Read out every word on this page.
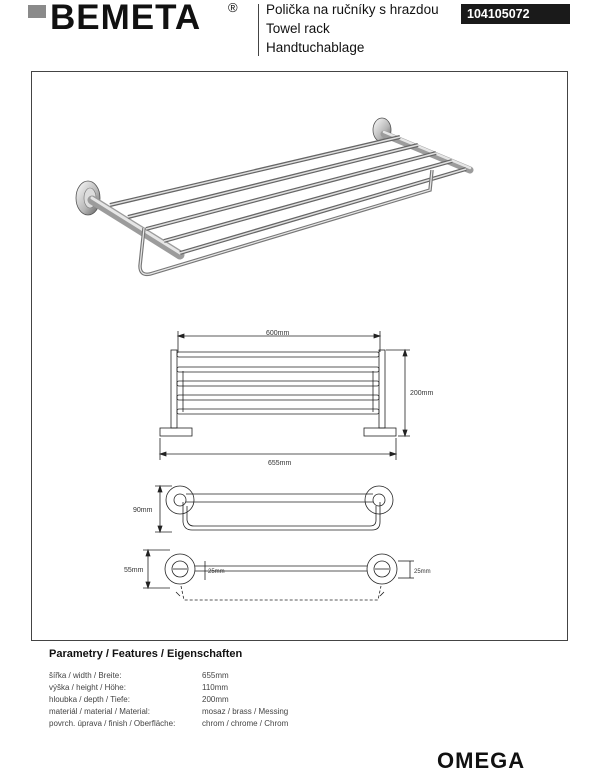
BEMETA ® Polička na ručníky s hrazdou
Towel rack
Handtuchablage
104105072
600mm
200mm
655mm
90mm
55mm	25mm	25mm
Parametry / Features / Eigenschaften
šířka / width / Breite:	655mm
výška / height / Höhe:	110mm
hloubka / depth / Tiefe:	200mm
materiál / material / Material:	mosaz / brass / Messing
povrch. úprava / finish / Oberfläche:	chrom / chrome / Chrom
OMEGA
